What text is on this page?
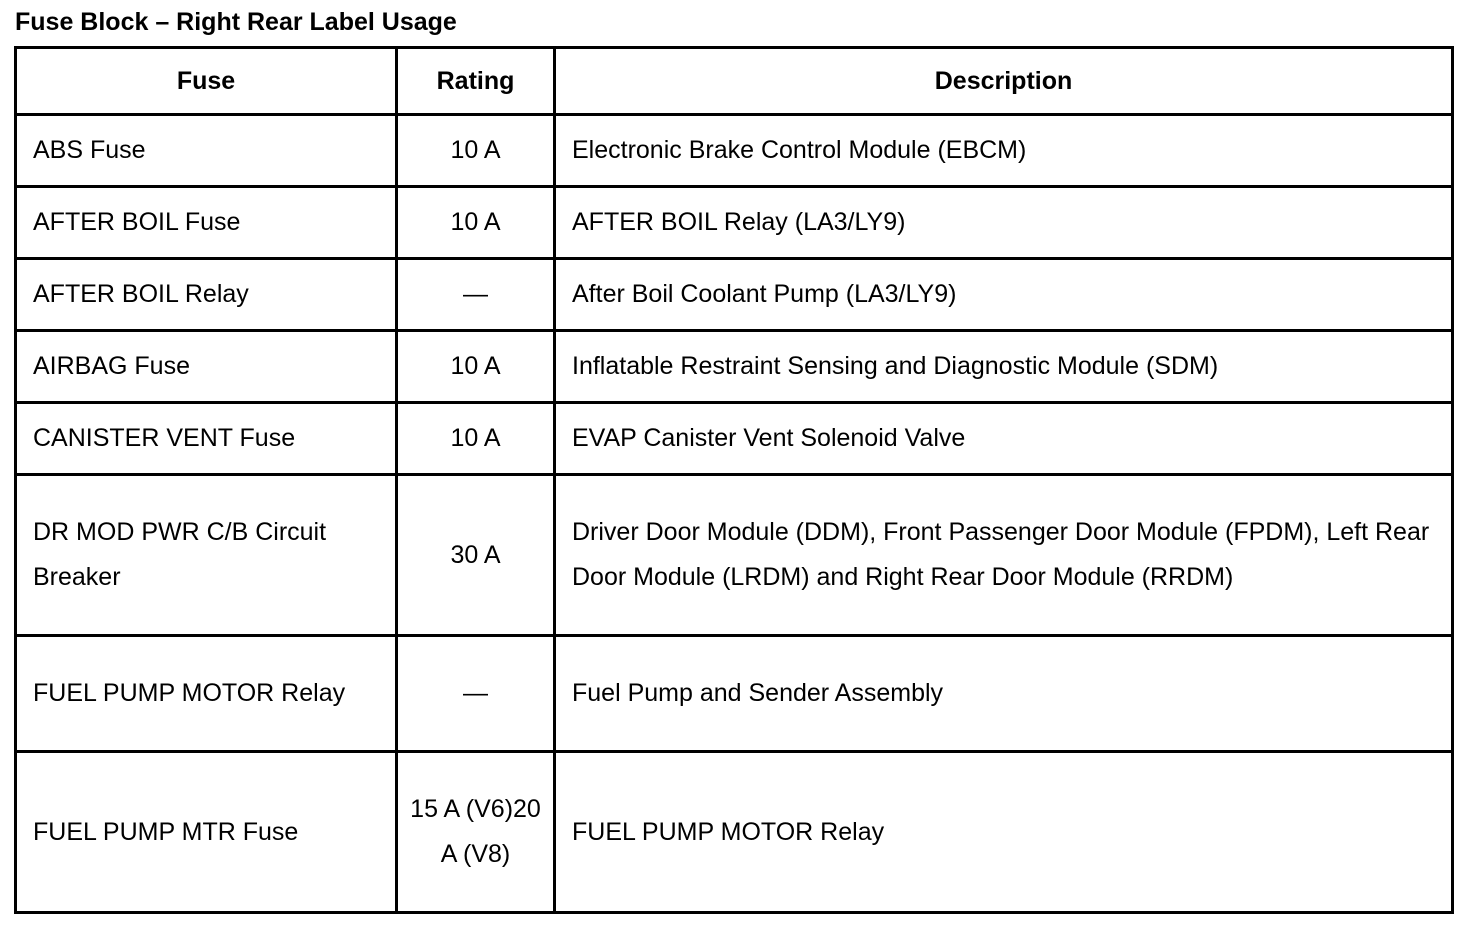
Fuse Block – Right Rear Label Usage
Fuse	Rating	Description
ABS Fuse	10 A	Electronic Brake Control Module (EBCM)
AFTER BOIL Fuse	10 A	AFTER BOIL Relay (LA3/LY9)
AFTER BOIL Relay	—	After Boil Coolant Pump (LA3/LY9)
AIRBAG Fuse	10 A	Inflatable Restraint Sensing and Diagnostic Module (SDM)
CANISTER VENT Fuse	10 A	EVAP Canister Vent Solenoid Valve
DR MOD PWR C/B Circuit Breaker	30 A	Driver Door Module (DDM), Front Passenger Door Module (FPDM), Left Rear Door Module (LRDM) and Right Rear Door Module (RRDM)
FUEL PUMP MOTOR Relay	—	Fuel Pump and Sender Assembly
FUEL PUMP MTR Fuse	15 A (V6)20 A (V8)	FUEL PUMP MOTOR Relay
